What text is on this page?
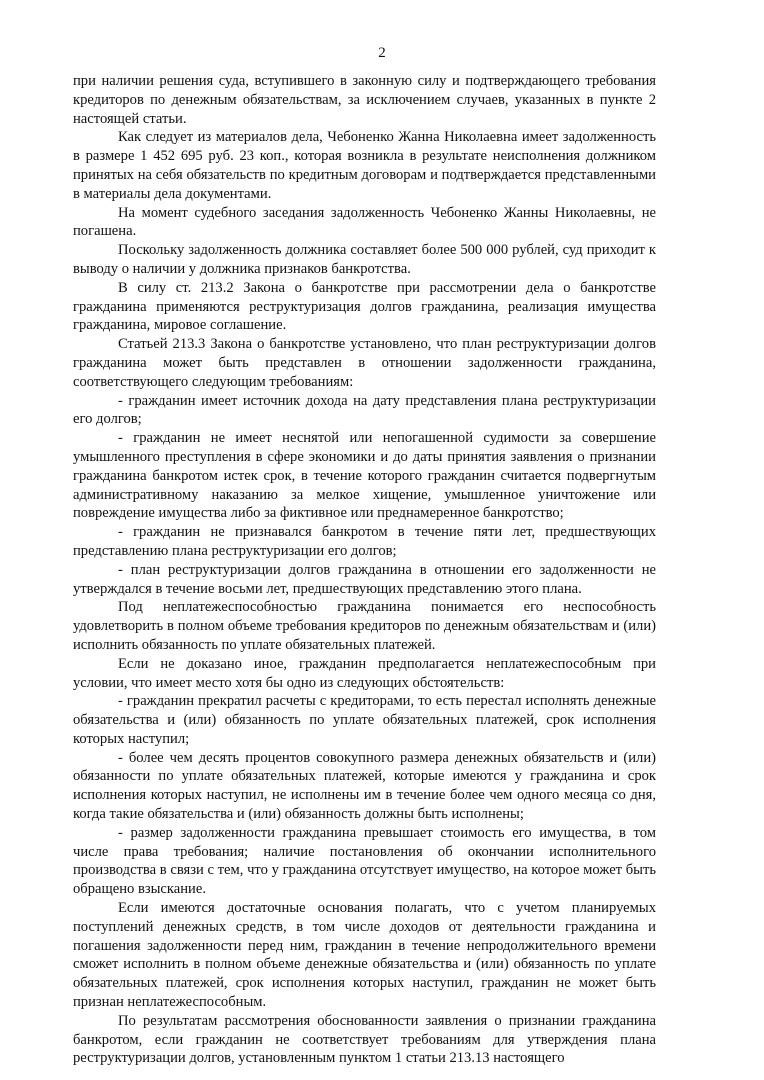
2

при наличии решения суда, вступившего в законную силу и подтверждающего требования кредиторов по денежным обязательствам, за исключением случаев, указанных в пункте 2 настоящей статьи.

Как следует из материалов дела, Чебоненко Жанна Николаевна имеет задолженность в размере 1 452 695 руб. 23 коп., которая возникла в результате неисполнения должником принятых на себя обязательств по кредитным договорам и подтверждается представленными в материалы дела документами.

На момент судебного заседания задолженность Чебоненко Жанны Николаевны, не погашена.

Поскольку задолженность должника составляет более 500 000 рублей, суд приходит к выводу о наличии у должника признаков банкротства.

В силу ст. 213.2 Закона о банкротстве при рассмотрении дела о банкротстве гражданина применяются реструктуризация долгов гражданина, реализация имущества гражданина, мировое соглашение.

Статьей 213.3 Закона о банкротстве установлено, что план реструктуризации долгов гражданина может быть представлен в отношении задолженности гражданина, соответствующего следующим требованиям:

- гражданин имеет источник дохода на дату представления плана реструктуризации его долгов;

- гражданин не имеет неснятой или непогашенной судимости за совершение умышленного преступления в сфере экономики и до даты принятия заявления о признании гражданина банкротом истек срок, в течение которого гражданин считается подвергнутым административному наказанию за мелкое хищение, умышленное уничтожение или повреждение имущества либо за фиктивное или преднамеренное банкротство;

- гражданин не признавался банкротом в течение пяти лет, предшествующих представлению плана реструктуризации его долгов;

- план реструктуризации долгов гражданина в отношении его задолженности не утверждался в течение восьми лет, предшествующих представлению этого плана.

Под неплатежеспособностью гражданина понимается его неспособность удовлетворить в полном объеме требования кредиторов по денежным обязательствам и (или) исполнить обязанность по уплате обязательных платежей.

Если не доказано иное, гражданин предполагается неплатежеспособным при условии, что имеет место хотя бы одно из следующих обстоятельств:

- гражданин прекратил расчеты с кредиторами, то есть перестал исполнять денежные обязательства и (или) обязанность по уплате обязательных платежей, срок исполнения которых наступил;

- более чем десять процентов совокупного размера денежных обязательств и (или) обязанности по уплате обязательных платежей, которые имеются у гражданина и срок исполнения которых наступил, не исполнены им в течение более чем одного месяца со дня, когда такие обязательства и (или) обязанность должны быть исполнены;

- размер задолженности гражданина превышает стоимость его имущества, в том числе права требования; наличие постановления об окончании исполнительного производства в связи с тем, что у гражданина отсутствует имущество, на которое может быть обращено взыскание.

Если имеются достаточные основания полагать, что с учетом планируемых поступлений денежных средств, в том числе доходов от деятельности гражданина и погашения задолженности перед ним, гражданин в течение непродолжительного времени сможет исполнить в полном объеме денежные обязательства и (или) обязанность по уплате обязательных платежей, срок исполнения которых наступил, гражданин не может быть признан неплатежеспособным.

По результатам рассмотрения обоснованности заявления о признании гражданина банкротом, если гражданин не соответствует требованиям для утверждения плана реструктуризации долгов, установленным пунктом 1 статьи 213.13 настоящего
